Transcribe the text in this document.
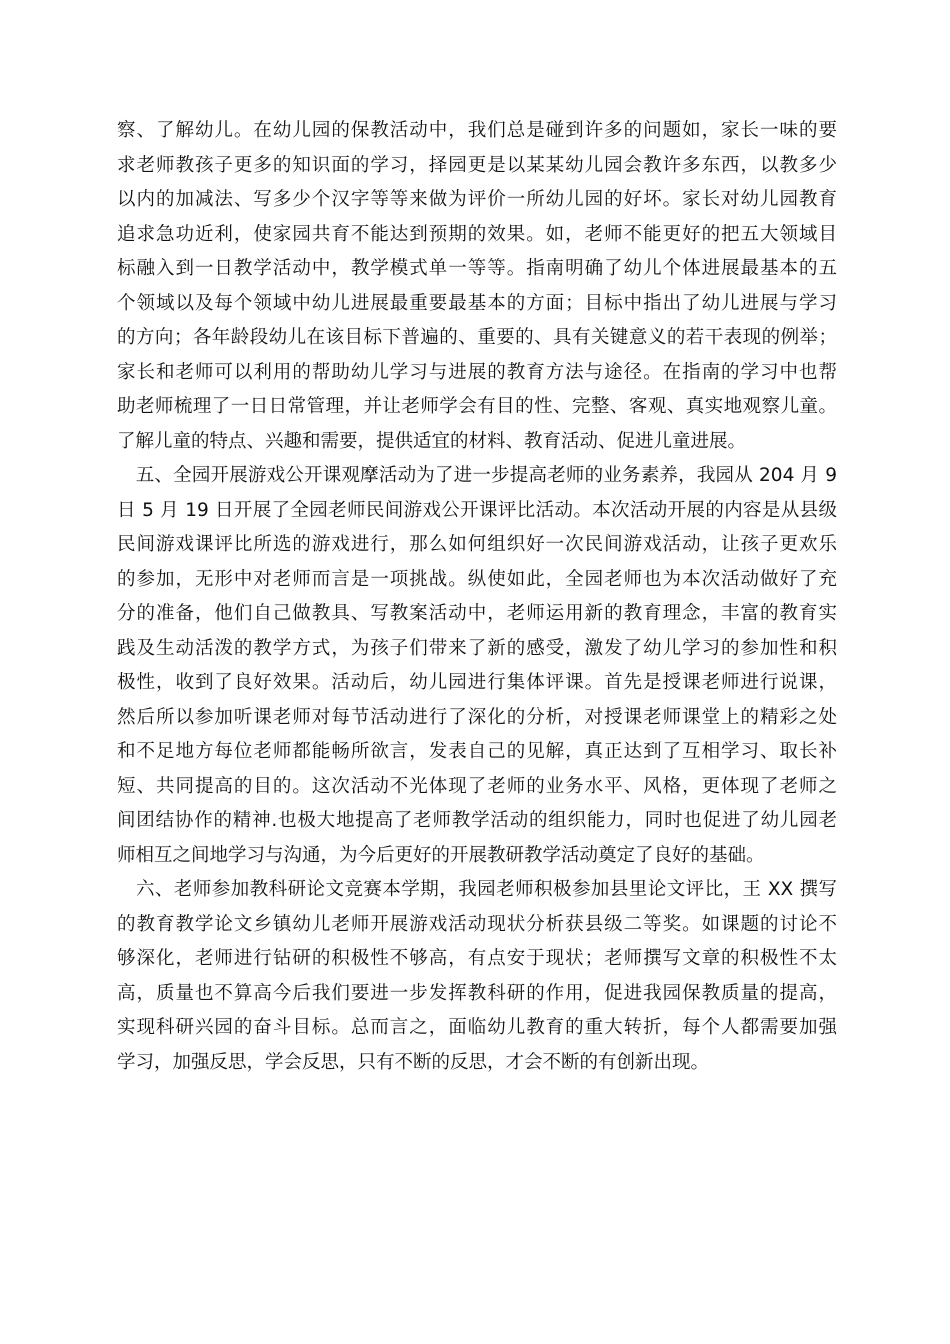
察、了解幼儿。在幼儿园的保教活动中，我们总是碰到许多的问题如，家长一味的要
求老师教孩子更多的知识面的学习，择园更是以某某幼儿园会教许多东西，以教多少
以内的加减法、写多少个汉字等等来做为评价一所幼儿园的好坏。家长对幼儿园教育
追求急功近利，使家园共育不能达到预期的效果。如，老师不能更好的把五大领域目
标融入到一日教学活动中，教学模式单一等等。指南明确了幼儿个体进展最基本的五
个领域以及每个领域中幼儿进展最重要最基本的方面；目标中指出了幼儿进展与学习
的方向；各年龄段幼儿在该目标下普遍的、重要的、具有关键意义的若干表现的例举；
家长和老师可以利用的帮助幼儿学习与进展的教育方法与途径。在指南的学习中也帮
助老师梳理了一日日常管理，并让老师学会有目的性、完整、客观、真实地观察儿童。
了解儿童的特点、兴趣和需要，提供适宜的材料、教育活动、促进儿童进展。
　五、全园开展游戏公开课观摩活动为了进一步提高老师的业务素养，我园从 204 月 9
日 5 月 19 日开展了全园老师民间游戏公开课评比活动。本次活动开展的内容是从县级
民间游戏课评比所选的游戏进行，那么如何组织好一次民间游戏活动，让孩子更欢乐
的参加，无形中对老师而言是一项挑战。纵使如此，全园老师也为本次活动做好了充
分的准备，他们自己做教具、写教案活动中，老师运用新的教育理念，丰富的教育实
践及生动活泼的教学方式，为孩子们带来了新的感受，激发了幼儿学习的参加性和积
极性，收到了良好效果。活动后，幼儿园进行集体评课。首先是授课老师进行说课，
然后所以参加听课老师对每节活动进行了深化的分析，对授课老师课堂上的精彩之处
和不足地方每位老师都能畅所欲言，发表自己的见解，真正达到了互相学习、取长补
短、共同提高的目的。这次活动不光体现了老师的业务水平、风格，更体现了老师之
间团结协作的精神.也极大地提高了老师教学活动的组织能力，同时也促进了幼儿园老
师相互之间地学习与沟通，为今后更好的开展教研教学活动奠定了良好的基础。
　六、老师参加教科研论文竞赛本学期，我园老师积极参加县里论文评比，王 XX 撰写
的教育教学论文乡镇幼儿老师开展游戏活动现状分析获县级二等奖。如课题的讨论不
够深化，老师进行钻研的积极性不够高，有点安于现状；老师撰写文章的积极性不太
高，质量也不算高今后我们要进一步发挥教科研的作用，促进我园保教质量的提高，
实现科研兴园的奋斗目标。总而言之，面临幼儿教育的重大转折，每个人都需要加强
学习，加强反思，学会反思，只有不断的反思，才会不断的有创新出现。
